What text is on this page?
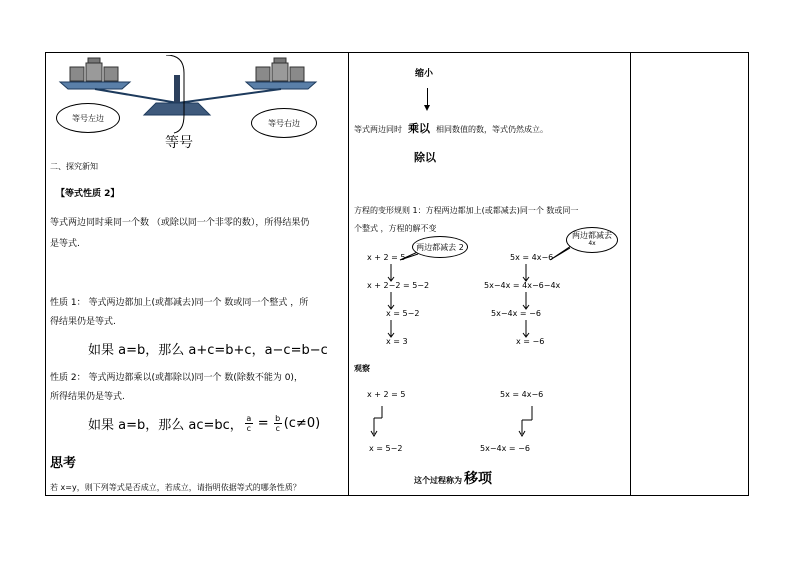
等号左边
等号右边
等号
二、探究新知
【等式性质 2】
等式两边同时乘同一个数 （或除以同一个非零的数），所得结果仍
是等式.
性质 1： 等式两边都加上(或都减去)同一个 数或同一个整式 ，所
得结果仍是等式.
如果 a=b，那么 a+c=b+c，a−c=b−c
性质 2： 等式两边都乘以(或都除以)同一个 数(除数不能为 0)，
所得结果仍是等式.
如果 a=b，那么 ac=bc， $\frac{a}{c} = \frac{b}{c} (c\ne 0)$
思考
若 x=y，则下列等式是否成立，若成立，请指明依据等式的哪条性质？
缩小
等式两边同时 乘以 相同数值的数，等式仍然成立。
除以
方程的变形规则 1：方程两边都加上(或都减去)同一个 数或同一
个整式 ，方程的解不变
两边都减去 2
两边都减去
4x
x + 2 = 5
x + 2−2 = 5−2
x = 5−2
x = 3
5x = 4x−6
5x−4x = 4x−6−4x
5x−4x = −6
x = −6
观察
x + 2 = 5
x = 5−2
5x = 4x−6
5x−4x = −6
这个过程称为 移项
